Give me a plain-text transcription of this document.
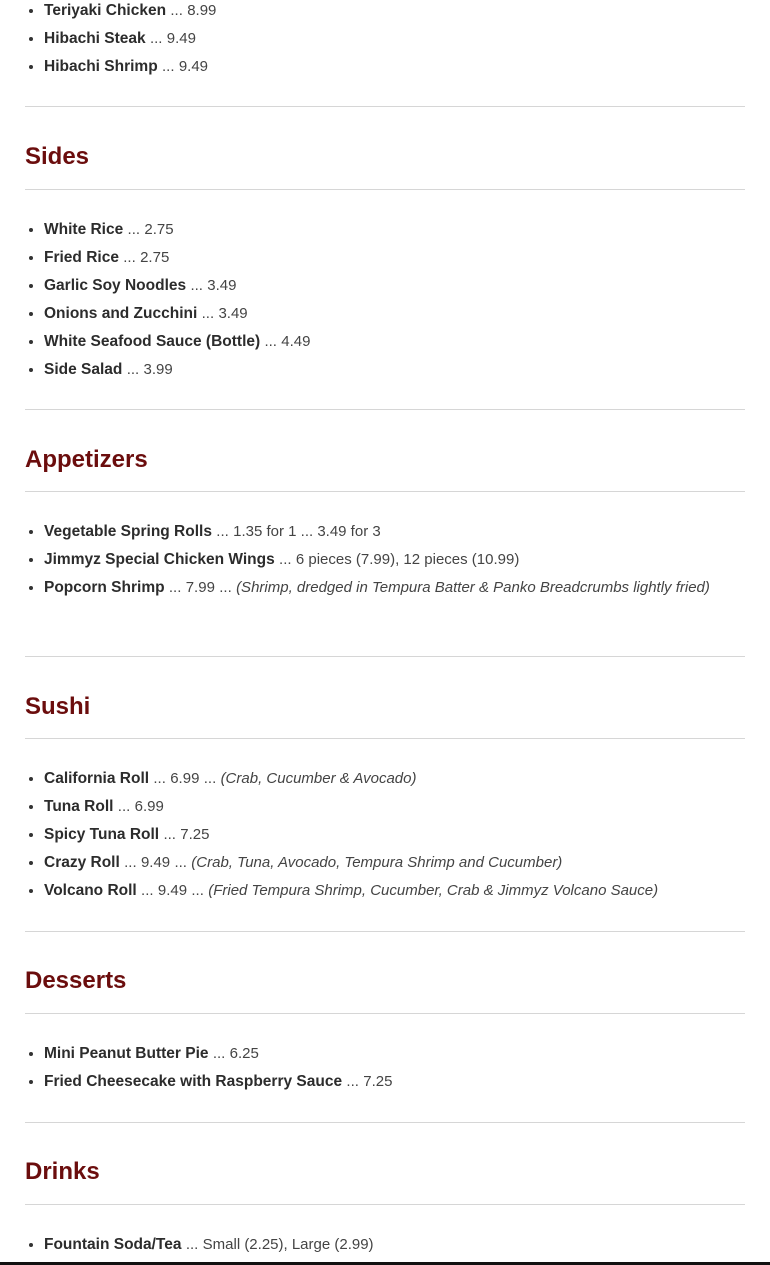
• Teriyaki Chicken ... 8.99
• Hibachi Steak ... 9.49
• Hibachi Shrimp ... 9.49
Sides
• White Rice ... 2.75
• Fried Rice ... 2.75
• Garlic Soy Noodles ... 3.49
• Onions and Zucchini ... 3.49
• White Seafood Sauce (Bottle) ... 4.49
• Side Salad ... 3.99
Appetizers
• Vegetable Spring Rolls ... 1.35 for 1 ... 3.49 for 3
• Jimmyz Special Chicken Wings ... 6 pieces (7.99), 12 pieces (10.99)
• Popcorn Shrimp ... 7.99 ... (Shrimp, dredged in Tempura Batter & Panko Breadcrumbs lightly fried)
Sushi
• California Roll ... 6.99 ... (Crab, Cucumber & Avocado)
• Tuna Roll ... 6.99
• Spicy Tuna Roll ... 7.25
• Crazy Roll ... 9.49 ... (Crab, Tuna, Avocado, Tempura Shrimp and Cucumber)
• Volcano Roll ... 9.49 ... (Fried Tempura Shrimp, Cucumber, Crab & Jimmyz Volcano Sauce)
Desserts
• Mini Peanut Butter Pie ... 6.25
• Fried Cheesecake with Raspberry Sauce ... 7.25
Drinks
• Fountain Soda/Tea ... Small (2.25), Large (2.99)
